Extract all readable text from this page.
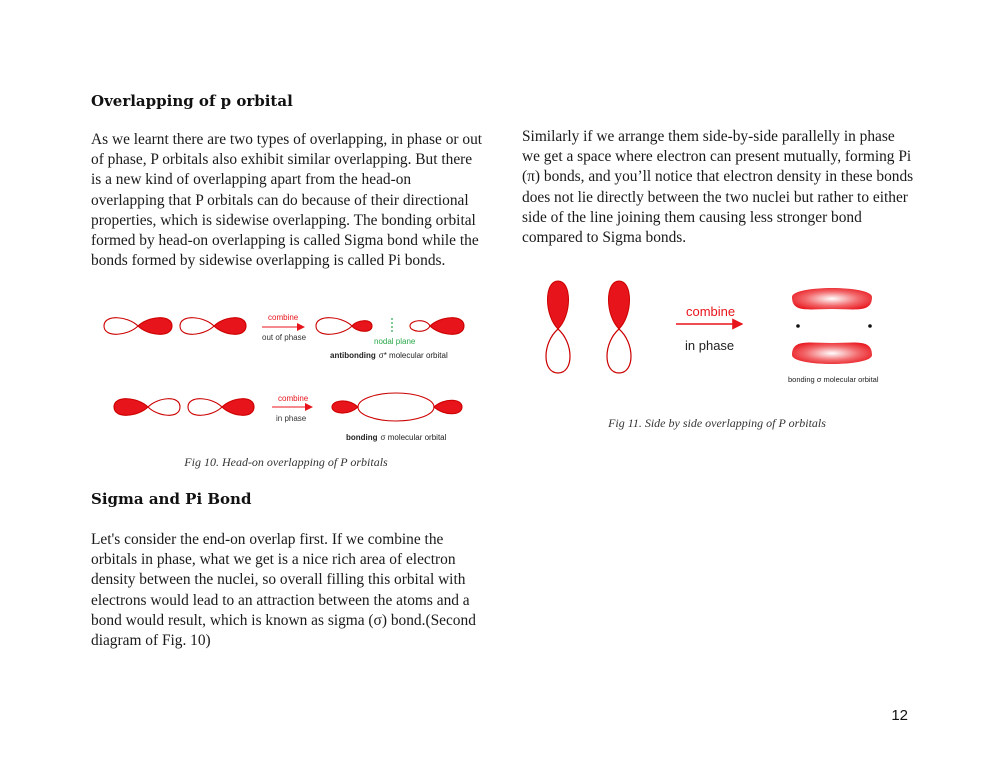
Overlapping of p orbital

As we learnt there are two types of overlapping, in phase or out of phase, P orbitals also exhibit similar overlapping. But there is a new kind of overlapping apart from the head-on overlapping that P orbitals can do because of their directional properties, which is sidewise overlapping. The bonding orbital formed by head-on overlapping is called Sigma bond while the bonds formed by sidewise overlapping is called Pi bonds.

combine
out of phase	nodal plane
antibonding σ* molecular orbital
combine
in phase
bonding σ molecular orbital
Fig 10. Head-on overlapping of P orbitals
Sigma and Pi Bond

Let's consider the end-on overlap first. If we combine the orbitals in phase, what we get is a nice rich area of electron density between the nuclei, so overall filling this orbital with electrons would lead to an attraction between the atoms and a bond would result, which is known as sigma (σ) bond.(Second diagram of Fig. 10)

Similarly if we arrange them side-by-side parallelly in phase we get a space where electron can present mutually, forming Pi (π) bonds, and you’ll notice that electron density in these bonds does not lie directly between the two nuclei but rather to either side of the line joining them causing less stronger bond compared to Sigma bonds.

combine
in phase
bonding σ molecular orbital
Fig 11. Side by side overlapping of P orbitals
12
